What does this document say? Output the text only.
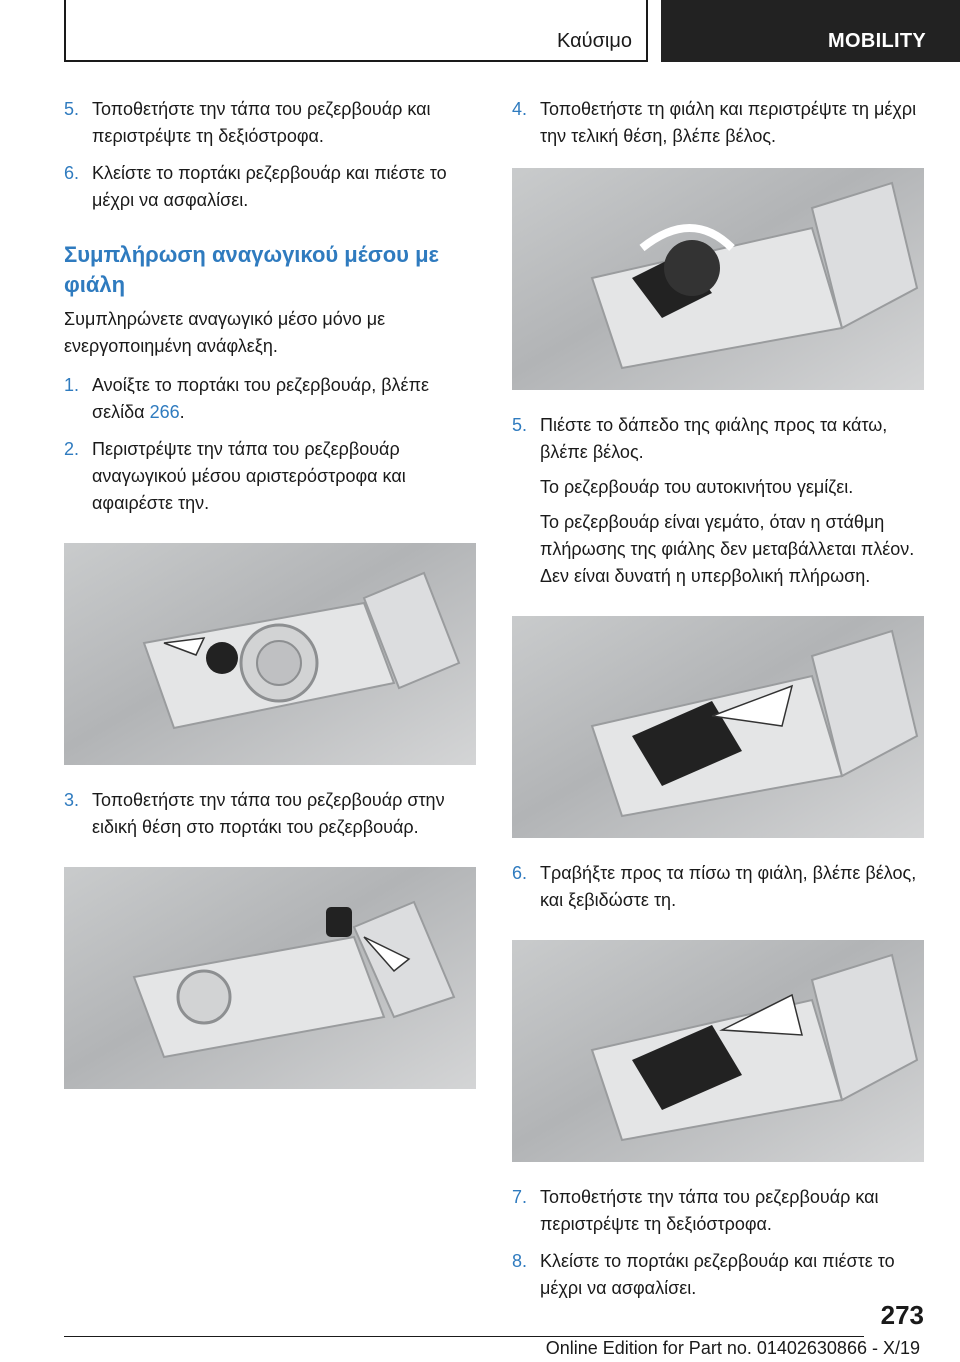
Καύσιμο	MOBILITY
5. Τοποθετήστε την τάπα του ρεζερβουάρ και περιστρέψτε τη δεξιόστροφα.

6. Κλείστε το πορτάκι ρεζερβουάρ και πιέστε το μέχρι να ασφαλίσει.

Συμπλήρωση αναγωγικού μέσου με φιάλη

Συμπληρώνετε αναγωγικό μέσο μόνο με ενεργοποιημένη ανάφλεξη.

1. Ανοίξτε το πορτάκι του ρεζερβουάρ, βλέπε σελίδα 266.

2. Περιστρέψτε την τάπα του ρεζερβουάρ αναγωγικού μέσου αριστερόστροφα και αφαιρέστε την.

3. Τοποθετήστε την τάπα του ρεζερβουάρ στην ειδική θέση στο πορτάκι του ρεζερβουάρ.

4. Τοποθετήστε τη φιάλη και περιστρέψτε τη μέχρι την τελική θέση, βλέπε βέλος.

5. Πιέστε το δάπεδο της φιάλης προς τα κάτω, βλέπε βέλος.

Το ρεζερβουάρ του αυτοκινήτου γεμίζει.

Το ρεζερβουάρ είναι γεμάτο, όταν η στάθμη πλήρωσης της φιάλης δεν μεταβάλλεται πλέον. Δεν είναι δυνατή η υπερβολική πλήρωση.

6. Τραβήξτε προς τα πίσω τη φιάλη, βλέπε βέλος, και ξεβιδώστε τη.

7. Τοποθετήστε την τάπα του ρεζερβουάρ και περιστρέψτε τη δεξιόστροφα.

8. Κλείστε το πορτάκι ρεζερβουάρ και πιέστε το μέχρι να ασφαλίσει.

273
Online Edition for Part no. 01402630866 - X/19
